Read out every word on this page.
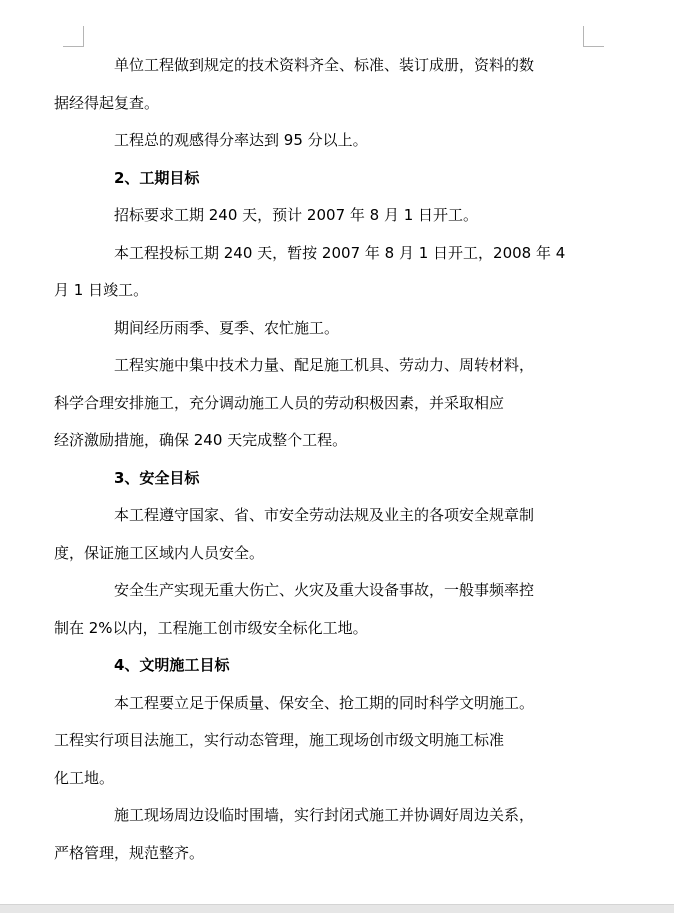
单位工程做到规定的技术资料齐全、标准、装订成册，资料的数
据经得起复查。

工程总的观感得分率达到 95 分以上。

2、工期目标

招标要求工期 240 天，预计 2007 年 8 月 1 日开工。

本工程投标工期 240 天，暂按 2007 年 8 月 1 日开工，2008 年 4
月 1 日竣工。

期间经历雨季、夏季、农忙施工。

工程实施中集中技术力量、配足施工机具、劳动力、周转材料，
科学合理安排施工，充分调动施工人员的劳动积极因素，并采取相应
经济激励措施，确保 240 天完成整个工程。

3、安全目标

本工程遵守国家、省、市安全劳动法规及业主的各项安全规章制
度，保证施工区域内人员安全。

安全生产实现无重大伤亡、火灾及重大设备事故，一般事频率控
制在 2%以内，工程施工创市级安全标化工地。

4、文明施工目标

本工程要立足于保质量、保安全、抢工期的同时科学文明施工。
工程实行项目法施工，实行动态管理，施工现场创市级文明施工标准
化工地。

施工现场周边设临时围墙，实行封闭式施工并协调好周边关系，
严格管理，规范整齐。
